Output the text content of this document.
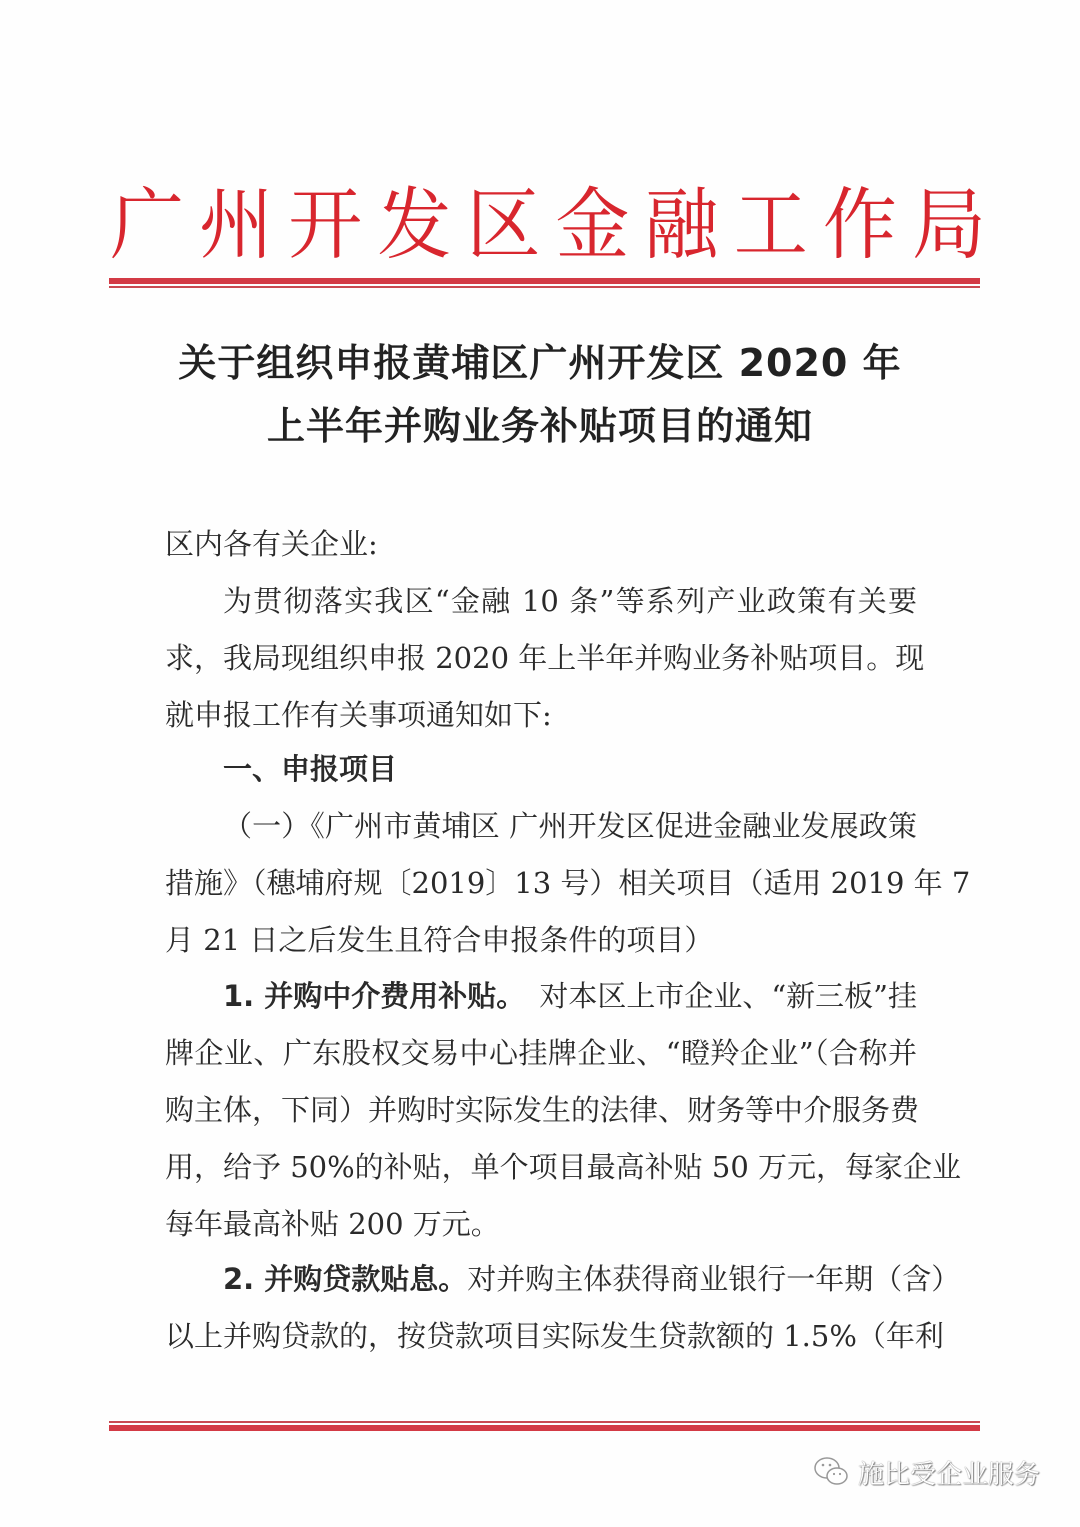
广 州 开 发 区 金 融 工 作 局
关于组织申报黄埔区广州开发区 2020 年
上半年并购业务补贴项目的通知
区内各有关企业:
为贯彻落实我区“金融 10 条”等系列产业政策有关要
求，我局现组织申报 2020 年上半年并购业务补贴项目。现
就申报工作有关事项通知如下:
一、申报项目
（一）《广州市黄埔区 广州开发区促进金融业发展政策
措施》（穗埔府规〔2019〕13 号）相关项目（适用 2019 年 7
月 21 日之后发生且符合申报条件的项目）
1. 并购中介费用补贴。 对本区上市企业、“新三板”挂
牌企业、广东股权交易中心挂牌企业、“瞪羚企业”（合称并
购主体，下同）并购时实际发生的法律、财务等中介服务费
用，给予 50%的补贴，单个项目最高补贴 50 万元，每家企业
每年最高补贴 200 万元。
2. 并购贷款贴息。 对并购主体获得商业银行一年期（含）
以上并购贷款的，按贷款项目实际发生贷款额的 1.5%（年利
施比受企业服务
